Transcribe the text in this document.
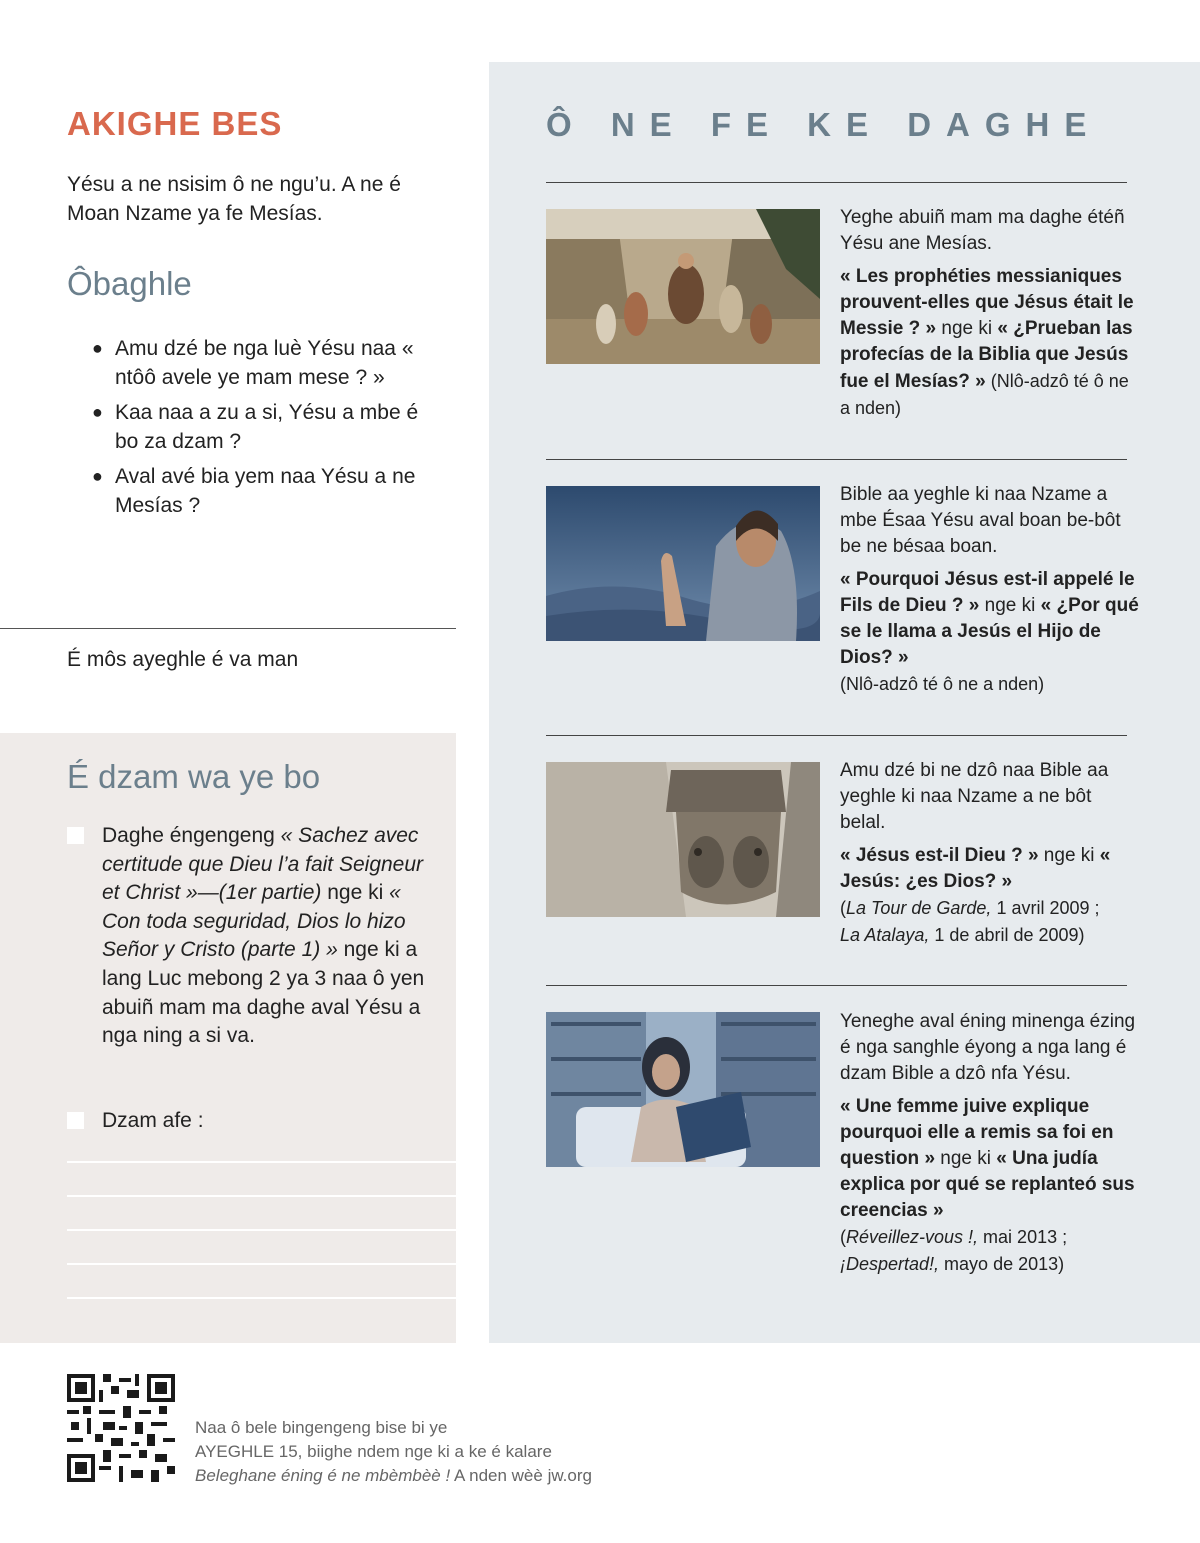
AKIGHE BES

Yésu a ne nsisim ô ne ngu’u. A ne é Moan Nzame ya fe Mesías.

Ôbaghle
● Amu dzé be nga luè Yésu naa « ntôô avele ye mam mese ? »
● Kaa naa a zu a si, Yésu a mbe é bo za dzam ?
● Aval avé bia yem naa Yésu a ne Mesías ?

É môs ayeghle é va man

É dzam wa ye bo
Daghe éngengeng « Sachez avec certitude que Dieu l’a fait Seigneur et Christ »—(1er partie) nge ki « Con toda seguridad, Dios lo hizo Señor y Cristo (parte 1) » nge ki a lang Luc mebong 2 ya 3 naa ô yen abuiñ mam ma daghe aval Yésu a nga ning a si va.
Dzam afe :
Ô NE FE KE DAGHE

Yeghe abuiñ mam ma daghe étéñ Yésu ane Mesías.

« Les prophéties messianiques prouvent-elles que Jésus était le Messie ? » nge ki « ¿Prueban las profecías de la Biblia que Jesús fue el Mesías? » (Nlô-adzô té ô ne a nden)

Bible aa yeghle ki naa Nzame a mbe Ésaa Yésu aval boan be-bôt be ne bésaa boan.

« Pourquoi Jésus est-il appelé le Fils de Dieu ? » nge ki « ¿Por qué se le llama a Jesús el Hijo de Dios? »
(Nlô-adzô té ô ne a nden)

Amu dzé bi ne dzô naa Bible aa yeghle ki naa Nzame a ne bôt belal.

« Jésus est-il Dieu ? » nge ki « Jesús: ¿es Dios? »
(La Tour de Garde, 1 avril 2009 ;
La Atalaya, 1 de abril de 2009)

Yeneghe aval éning minenga ézing é nga sanghle éyong a nga lang é dzam Bible a dzô nfa Yésu.

« Une femme juive explique pourquoi elle a remis sa foi en question » nge ki « Una judía explica por qué se replanteó sus creencias »
(Réveillez-vous !, mai 2013 ;
¡Despertad!, mayo de 2013)

Naa ô bele bingengeng bise bi ye
AYEGHLE 15, biighe ndem nge ki a ke é kalare
Beleghane éning é ne mbèmbèè ! A nden wèè jw.org
